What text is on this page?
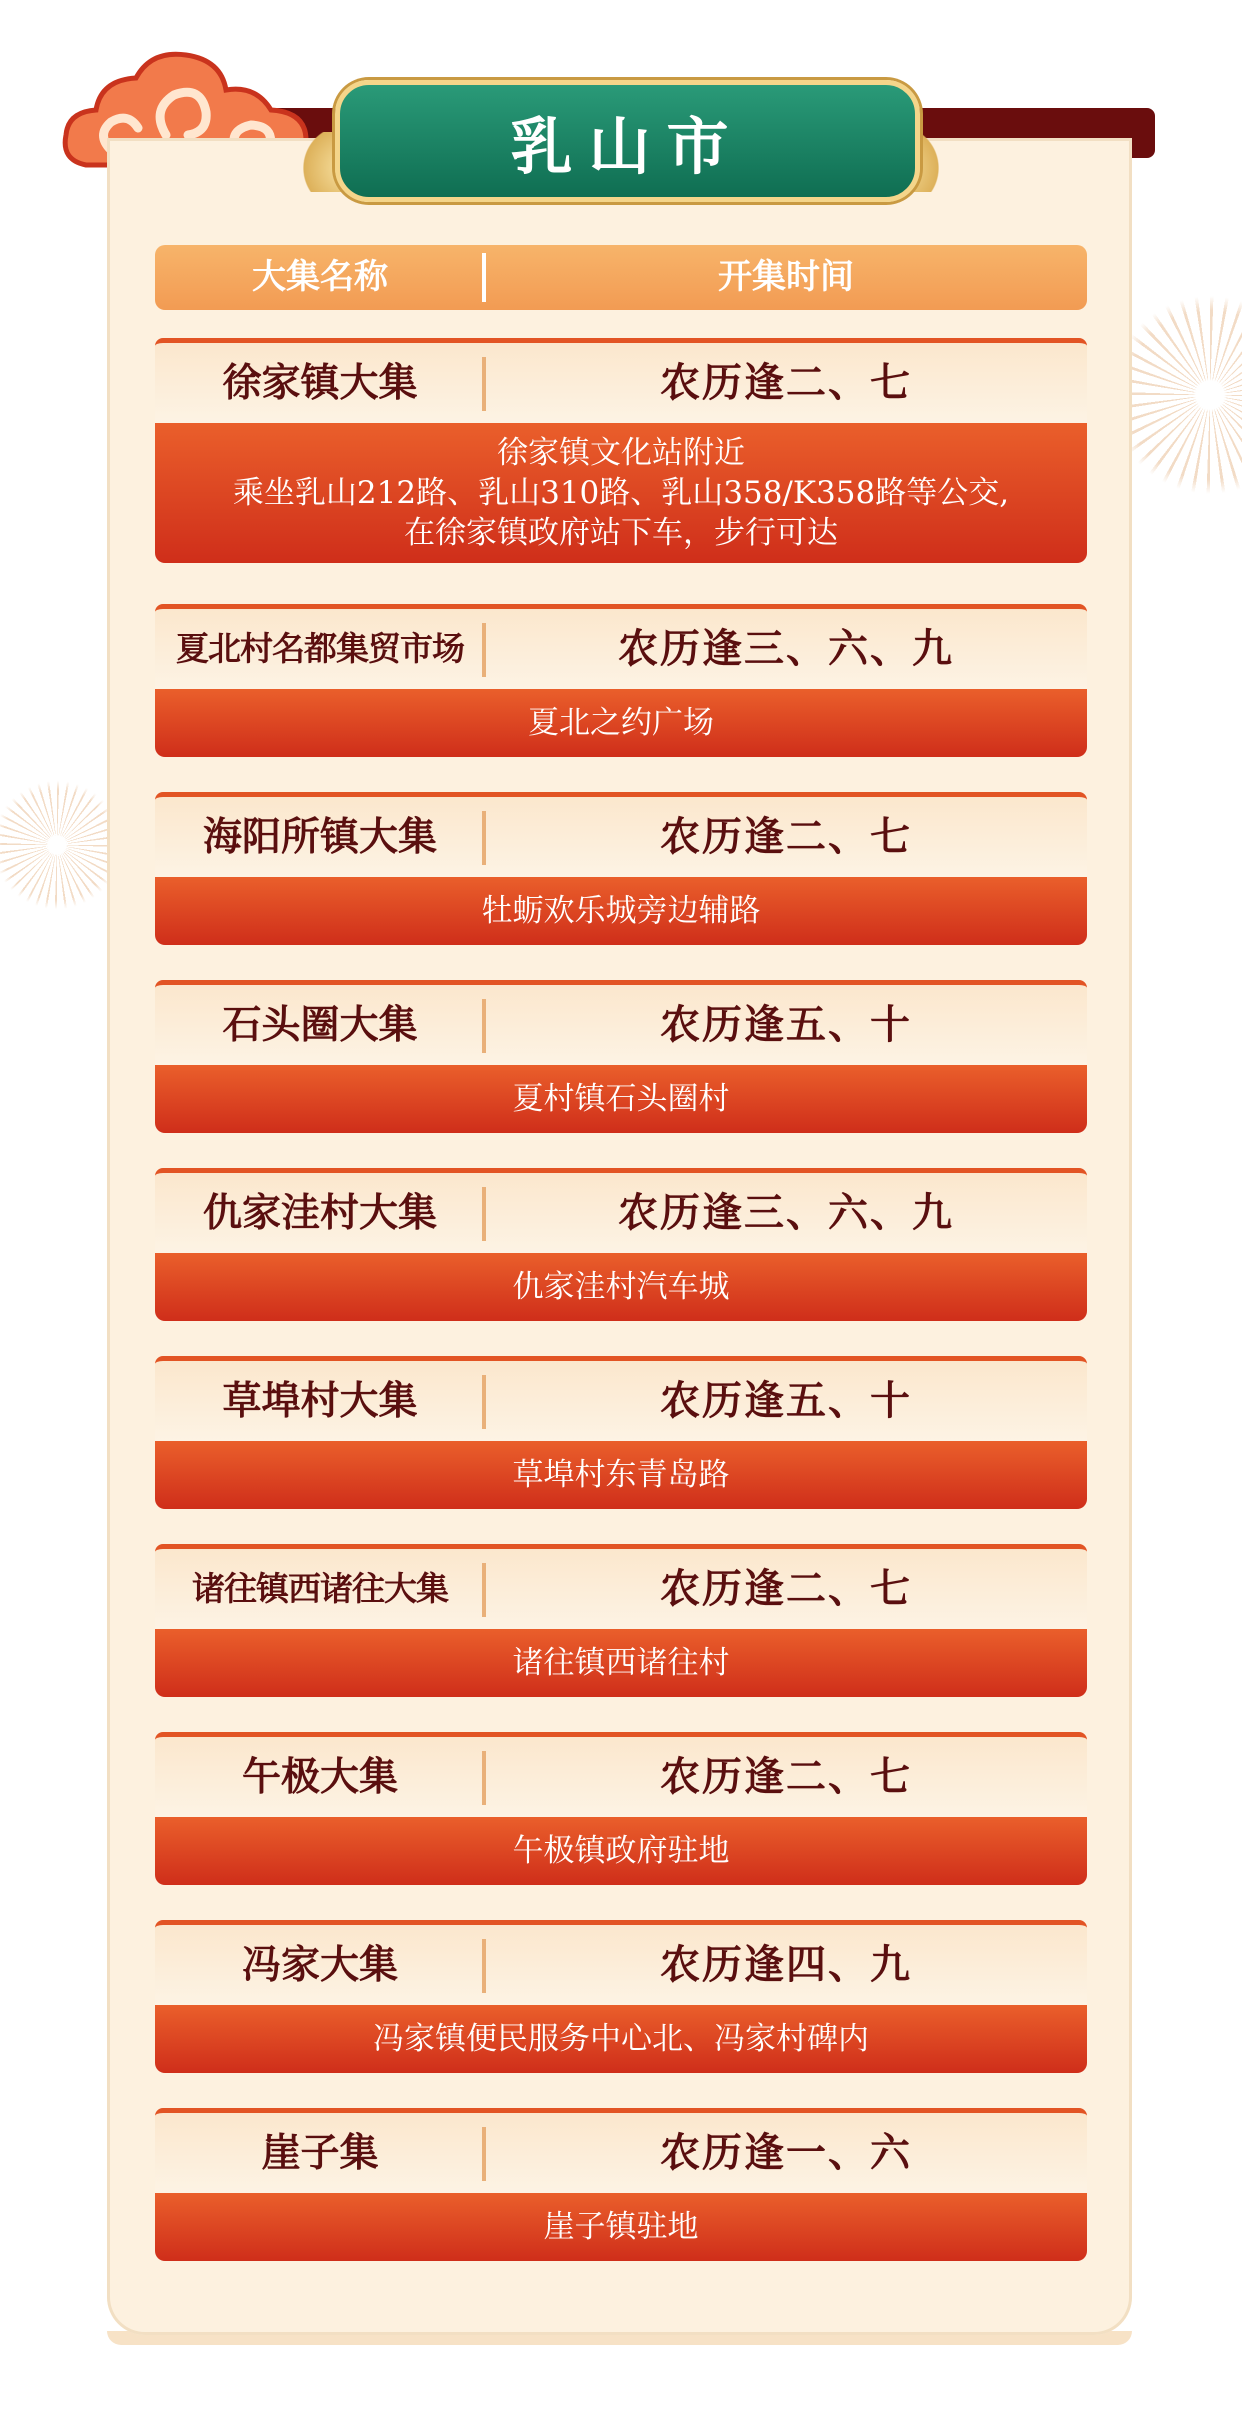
乳山市
大集名称	开集时间
徐家镇大集	农历逢二、七
徐家镇文化站附近
乘坐乳山212路、乳山310路、乳山358/K358路等公交,
在徐家镇政府站下车，步行可达
夏北村名都集贸市场	农历逢三、六、九
夏北之约广场
海阳所镇大集	农历逢二、七
牡蛎欢乐城旁边辅路
石头圈大集	农历逢五、十
夏村镇石头圈村
仇家洼村大集	农历逢三、六、九
仇家洼村汽车城
草埠村大集	农历逢五、十
草埠村东青岛路
诸往镇西诸往大集	农历逢二、七
诸往镇西诸往村
午极大集	农历逢二、七
午极镇政府驻地
冯家大集	农历逢四、九
冯家镇便民服务中心北、冯家村碑内
崖子集	农历逢一、六
崖子镇驻地
